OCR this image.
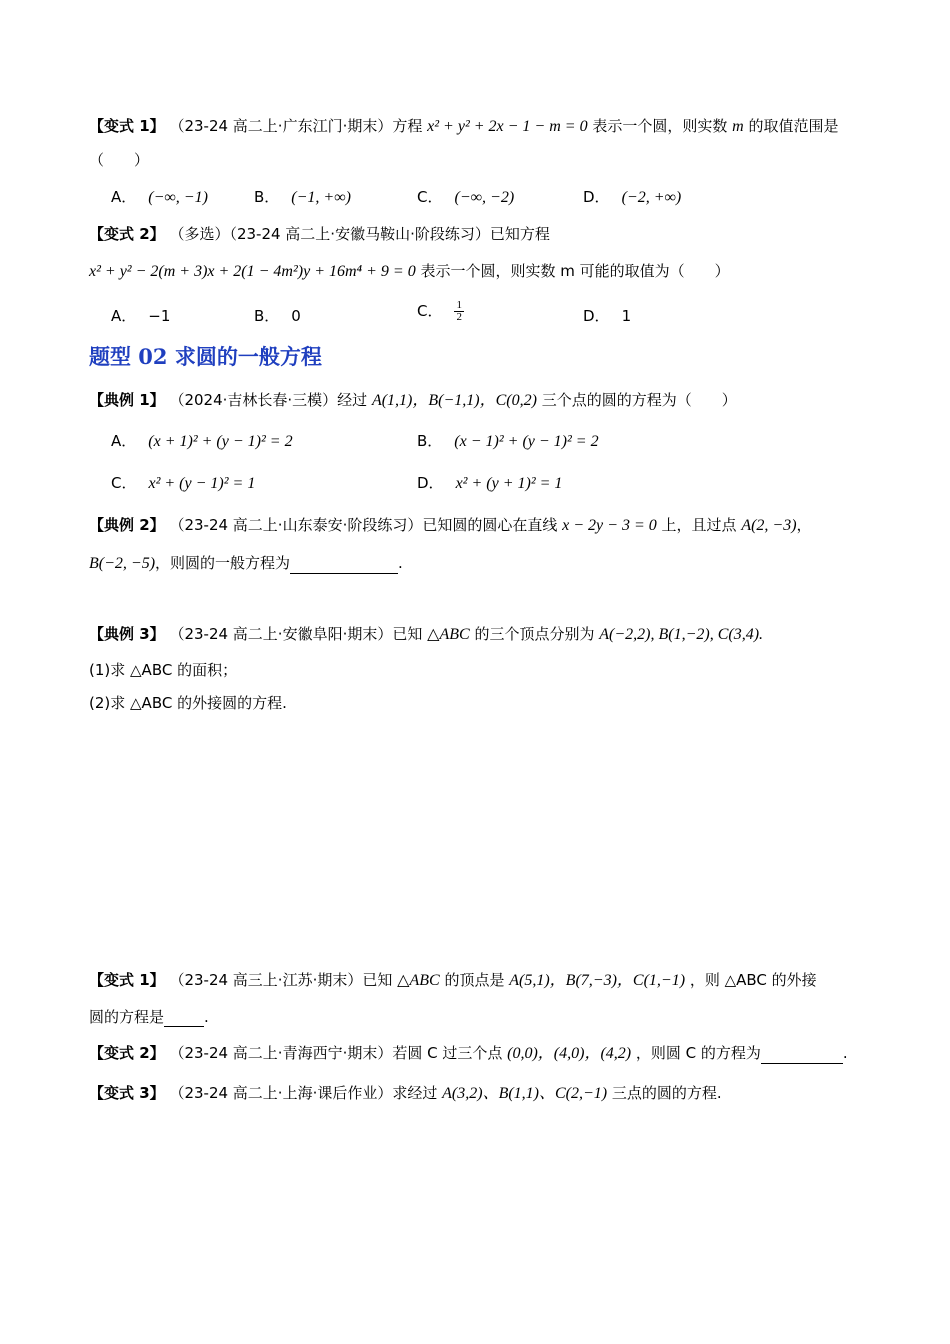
【变式 1】 （23-24 高二上·广东江门·期末）方程 x² + y² + 2x − 1 − m = 0 表示一个圆，则实数 m 的取值范围是
（　　）
A． (−∞, −1)	B． (−1, +∞)	C． (−∞, −2)	D． (−2, +∞)
【变式 2】 （多选）（23-24 高二上·安徽马鞍山·阶段练习）已知方程
x² + y² − 2(m + 3)x + 2(1 − 4m²)y + 16m⁴ + 9 = 0 表示一个圆，则实数 m 可能的取值为（　　）
A． −1	B． 0	C． $\frac{1}{2}$	D． 1
题型 02 求圆的一般方程
【典例 1】 （2024·吉林长春·三模）经过 A(1,1)，B(−1,1)，C(0,2) 三个点的圆的方程为（　　）
A． (x + 1)² + (y − 1)² = 2	B． (x − 1)² + (y − 1)² = 2
C． x² + (y − 1)² = 1	D． x² + (y + 1)² = 1
【典例 2】 （23-24 高二上·山东泰安·阶段练习）已知圆的圆心在直线 x − 2y − 3 = 0 上，且过点 A(2, −3)，
B(−2, −5)，则圆的一般方程为	.
【典例 3】 （23-24 高二上·安徽阜阳·期末）已知 △ABC 的三个顶点分别为 A(−2,2), B(1,−2), C(3,4).
(1)求 △ABC 的面积；
(2)求 △ABC 的外接圆的方程.
【变式 1】 （23-24 高三上·江苏·期末）已知 △ABC 的顶点是 A(5,1)，B(7,−3)，C(1,−1) ，则 △ABC 的外接
圆的方程是	.
【变式 2】 （23-24 高二上·青海西宁·期末）若圆 C 过三个点 (0,0)，(4,0)，(4,2) ，则圆 C 的方程为	.
【变式 3】 （23-24 高二上·上海·课后作业）求经过 A(3,2)、B(1,1)、C(2,−1) 三点的圆的方程.
